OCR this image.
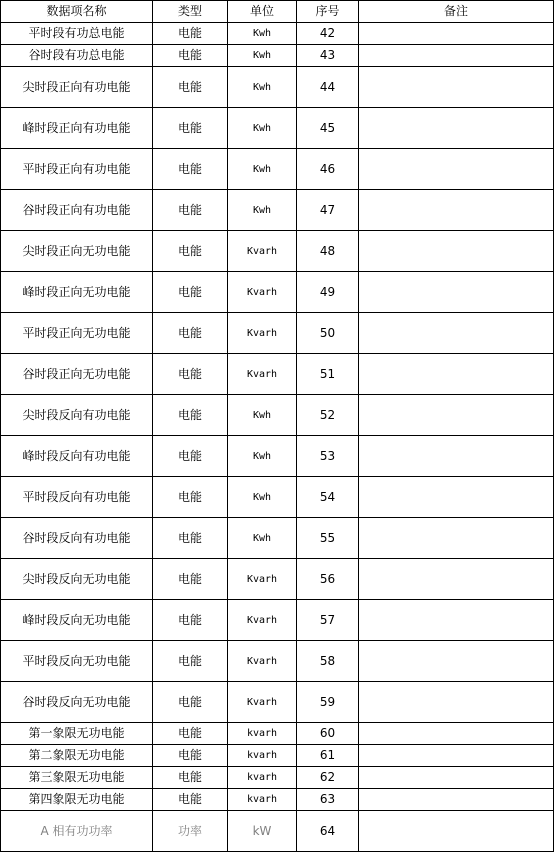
数据项名称	类型	单位	序号	备注
平时段有功总电能	电能	Kwh	42	
谷时段有功总电能	电能	Kwh	43	
尖时段正向有功电能	电能	Kwh	44	
峰时段正向有功电能	电能	Kwh	45	
平时段正向有功电能	电能	Kwh	46	
谷时段正向有功电能	电能	Kwh	47	
尖时段正向无功电能	电能	Kvarh	48	
峰时段正向无功电能	电能	Kvarh	49	
平时段正向无功电能	电能	Kvarh	50	
谷时段正向无功电能	电能	Kvarh	51	
尖时段反向有功电能	电能	Kwh	52	
峰时段反向有功电能	电能	Kwh	53	
平时段反向有功电能	电能	Kwh	54	
谷时段反向有功电能	电能	Kwh	55	
尖时段反向无功电能	电能	Kvarh	56	
峰时段反向无功电能	电能	Kvarh	57	
平时段反向无功电能	电能	Kvarh	58	
谷时段反向无功电能	电能	Kvarh	59	
第一象限无功电能	电能	kvarh	60	
第二象限无功电能	电能	kvarh	61	
第三象限无功电能	电能	kvarh	62	
第四象限无功电能	电能	kvarh	63	
A 相有功功率	功率	kW	64	
